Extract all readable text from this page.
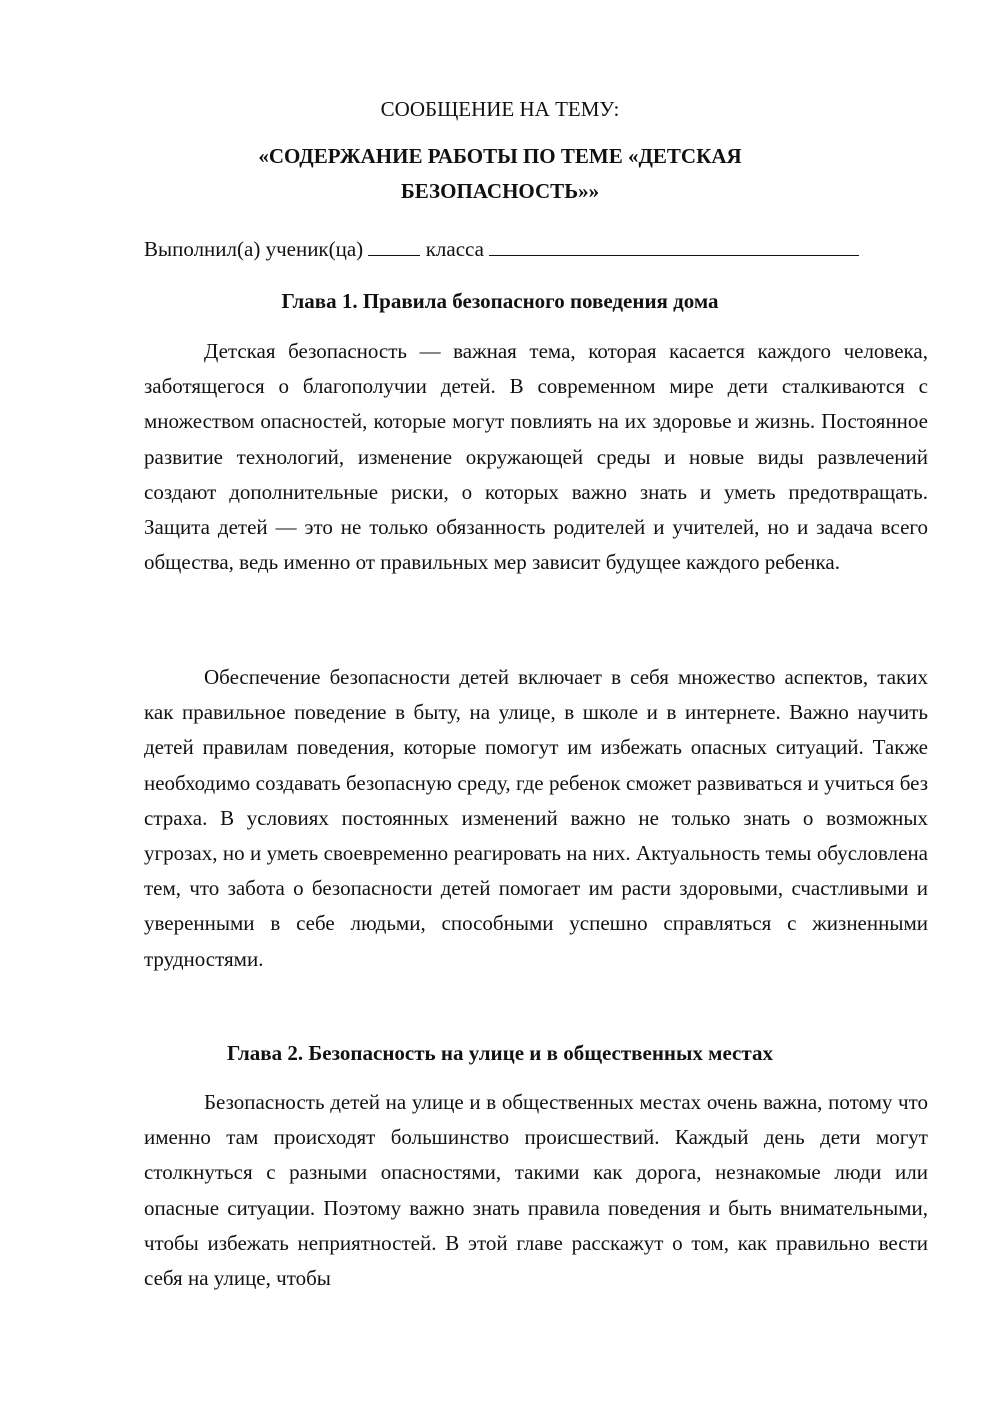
СООБЩЕНИЕ НА ТЕМУ:
«СОДЕРЖАНИЕ РАБОТЫ ПО ТЕМЕ «ДЕТСКАЯ
БЕЗОПАСНОСТЬ»»
Выполнил(а) ученик(ца)	класса
Глава 1. Правила безопасного поведения дома

Детская безопасность — важная тема, которая касается каждого человека, заботящегося о благополучии детей. В современном мире дети сталкиваются с множеством опасностей, которые могут повлиять на их здоровье и жизнь. Постоянное развитие технологий, изменение окружающей среды и новые виды развлечений создают дополнительные риски, о которых важно знать и уметь предотвращать. Защита детей — это не только обязанность родителей и учителей, но и задача всего общества, ведь именно от правильных мер зависит будущее каждого ребенка.

Обеспечение безопасности детей включает в себя множество аспектов, таких как правильное поведение в быту, на улице, в школе и в интернете. Важно научить детей правилам поведения, которые помогут им избежать опасных ситуаций. Также необходимо создавать безопасную среду, где ребенок сможет развиваться и учиться без страха. В условиях постоянных изменений важно не только знать о возможных угрозах, но и уметь своевременно реагировать на них. Актуальность темы обусловлена тем, что забота о безопасности детей помогает им расти здоровыми, счастливыми и уверенными в себе людьми, способными успешно справляться с жизненными трудностями.

Глава 2. Безопасность на улице и в общественных местах

Безопасность детей на улице и в общественных местах очень важна, потому что именно там происходят большинство происшествий. Каждый день дети могут столкнуться с разными опасностями, такими как дорога, незнакомые люди или опасные ситуации. Поэтому важно знать правила поведения и быть внимательными, чтобы избежать неприятностей. В этой главе расскажут о том, как правильно вести себя на улице, чтобы
